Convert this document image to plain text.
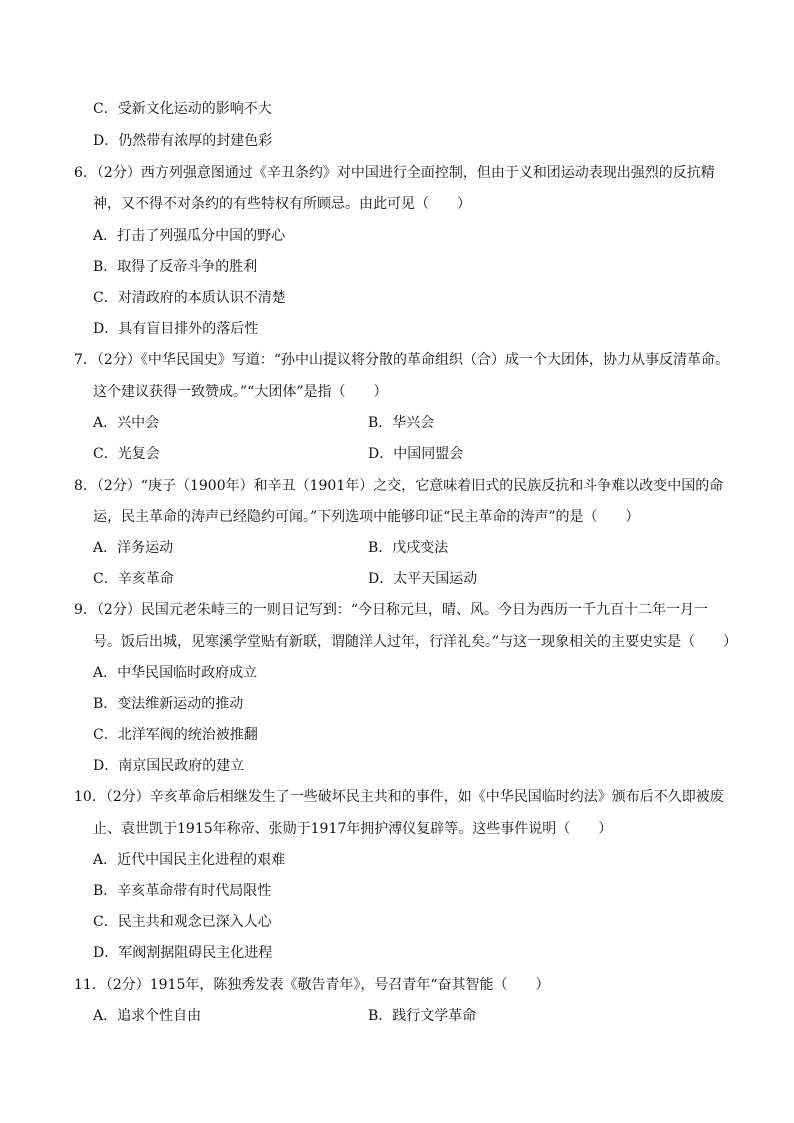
C．受新文化运动的影响不大
D．仍然带有浓厚的封建色彩
6．（2分）西方列强意图通过《辛丑条约》对中国进行全面控制，但由于义和团运动表现出强烈的反抗精
神，又不得不对条约的有些特权有所顾忌。由此可见（　　）
A．打击了列强瓜分中国的野心
B．取得了反帝斗争的胜利
C．对清政府的本质认识不清楚
D．具有盲目排外的落后性
7．（2分）《中华民国史》写道：“孙中山提议将分散的革命组织（合）成一个大团体，协力从事反清革命。
这个建议获得一致赞成。”“大团体”是指（　　）
A．兴中会	B．华兴会
C．光复会	D．中国同盟会
8．（2分）“庚子（1900年）和辛丑（1901年）之交，它意味着旧式的民族反抗和斗争难以改变中国的命
运，民主革命的涛声已经隐约可闻。”下列选项中能够印证“民主革命的涛声”的是（　　）
A．洋务运动	B．戊戌变法
C．辛亥革命	D．太平天国运动
9．（2分）民国元老朱峙三的一则日记写到：“今日称元旦，晴、风。今日为西历一千九百十二年一月一
号。饭后出城，见寒溪学堂贴有新联，谓随洋人过年，行洋礼矣。”与这一现象相关的主要史实是（　　）
A．中华民国临时政府成立
B．变法维新运动的推动
C．北洋军阀的统治被推翻
D．南京国民政府的建立
10．（2分）辛亥革命后相继发生了一些破坏民主共和的事件，如《中华民国临时约法》颁布后不久即被废
止、袁世凯于1915年称帝、张勋于1917年拥护溥仪复辟等。这些事件说明（　　）
A．近代中国民主化进程的艰难
B．辛亥革命带有时代局限性
C．民主共和观念已深入人心
D．军阀割据阻碍民主化进程
11．（2分）1915年，陈独秀发表《敬告青年》，号召青年“奋其智能（　　）
A．追求个性自由	B．践行文学革命
